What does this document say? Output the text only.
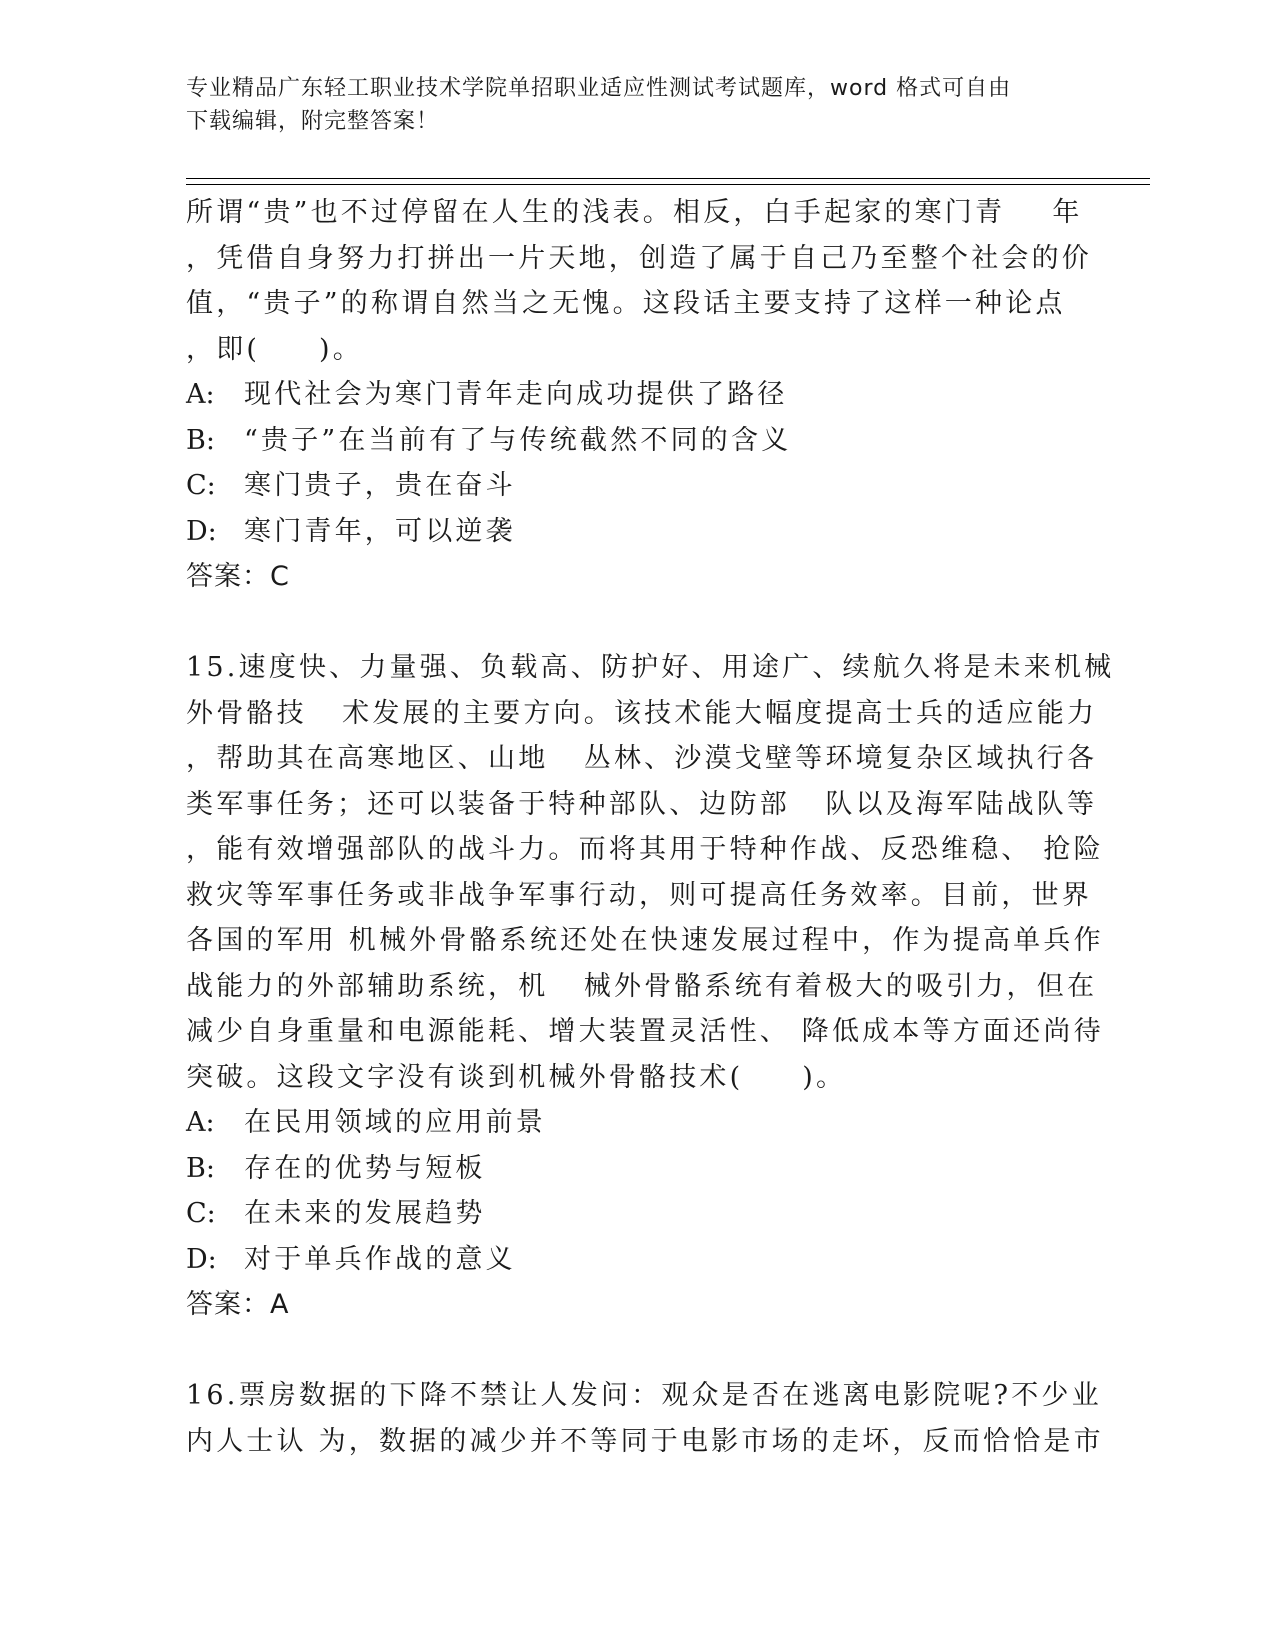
专业精品广东轻工职业技术学院单招职业适应性测试考试题库，word 格式可自由
下载编辑，附完整答案！
所谓“贵”也不过停留在人生的浅表。相反，白手起家的寒门青    年
，凭借自身努力打拼出一片天地，创造了属于自己乃至整个社会的价
值，“贵子”的称谓自然当之无愧。这段话主要支持了这样一种论点
，即(     )。
A: 现代社会为寒门青年走向成功提供了路径
B: “贵子”在当前有了与传统截然不同的含义
C: 寒门贵子，贵在奋斗
D: 寒门青年，可以逆袭
答案：C
15.速度快、力量强、负载高、防护好、用途广、续航久将是未来机械
外骨骼技   术发展的主要方向。该技术能大幅度提高士兵的适应能力
，帮助其在高寒地区、山地   丛林、沙漠戈壁等环境复杂区域执行各
类军事任务；还可以装备于特种部队、边防部   队以及海军陆战队等
，能有效增强部队的战斗力。而将其用于特种作战、反恐维稳、 抢险
救灾等军事任务或非战争军事行动，则可提高任务效率。目前，世界
各国的军用 机械外骨骼系统还处在快速发展过程中，作为提高单兵作
战能力的外部辅助系统，机   械外骨骼系统有着极大的吸引力，但在
减少自身重量和电源能耗、增大装置灵活性、 降低成本等方面还尚待
突破。这段文字没有谈到机械外骨骼技术(     )。
A: 在民用领域的应用前景
B: 存在的优势与短板
C: 在未来的发展趋势
D: 对于单兵作战的意义
答案：A
16.票房数据的下降不禁让人发问：观众是否在逃离电影院呢?不少业
内人士认 为，数据的减少并不等同于电影市场的走坏，反而恰恰是市
